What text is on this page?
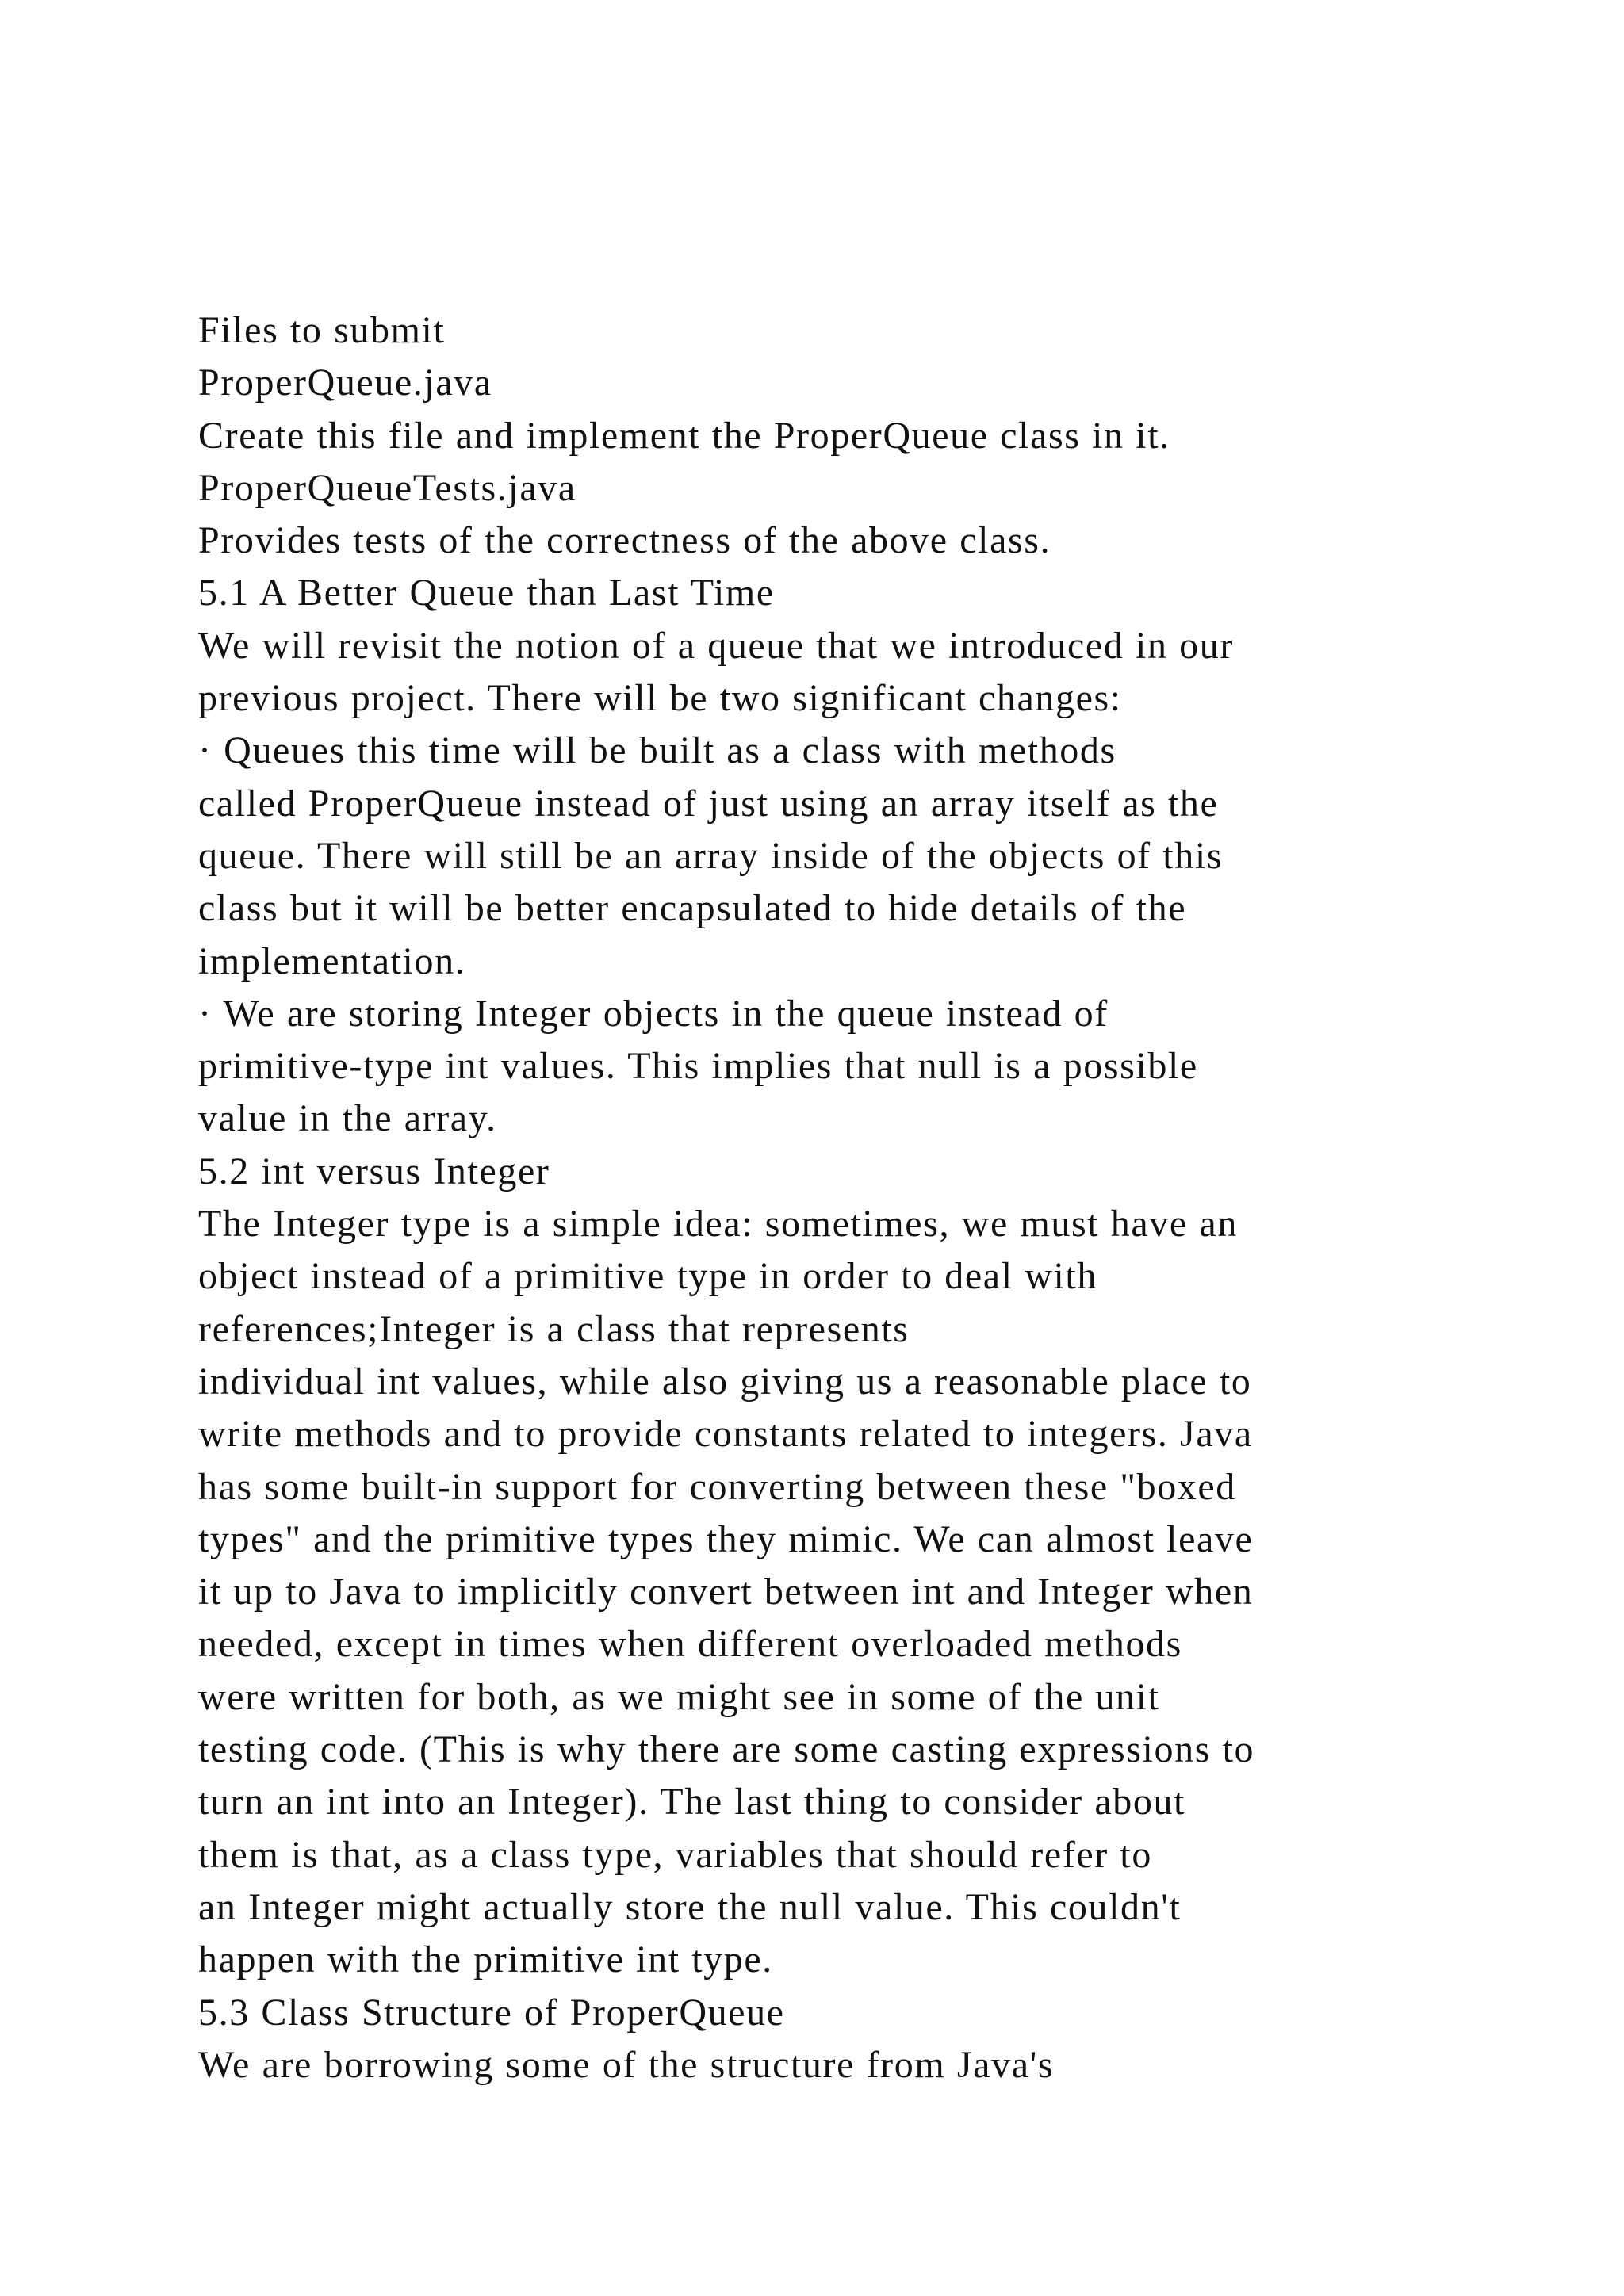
Files to submit
ProperQueue.java
Create this file and implement the ProperQueue class in it.
ProperQueueTests.java
Provides tests of the correctness of the above class.
5.1 A Better Queue than Last Time
We will revisit the notion of a queue that we introduced in our
previous project. There will be two significant changes:
· Queues this time will be built as a class with methods
called ProperQueue instead of just using an array itself as the
queue. There will still be an array inside of the objects of this
class but it will be better encapsulated to hide details of the
implementation.
· We are storing Integer objects in the queue instead of
primitive-type int values. This implies that null is a possible
value in the array.
5.2 int versus Integer
The Integer type is a simple idea: sometimes, we must have an
object instead of a primitive type in order to deal with
references;Integer is a class that represents
individual int values, while also giving us a reasonable place to
write methods and to provide constants related to integers. Java
has some built-in support for converting between these "boxed
types" and the primitive types they mimic. We can almost leave
it up to Java to implicitly convert between int and Integer when
needed, except in times when different overloaded methods
were written for both, as we might see in some of the unit
testing code. (This is why there are some casting expressions to
turn an int into an Integer). The last thing to consider about
them is that, as a class type, variables that should refer to
an Integer might actually store the null value. This couldn't
happen with the primitive int type.
5.3 Class Structure of ProperQueue
We are borrowing some of the structure from Java's
